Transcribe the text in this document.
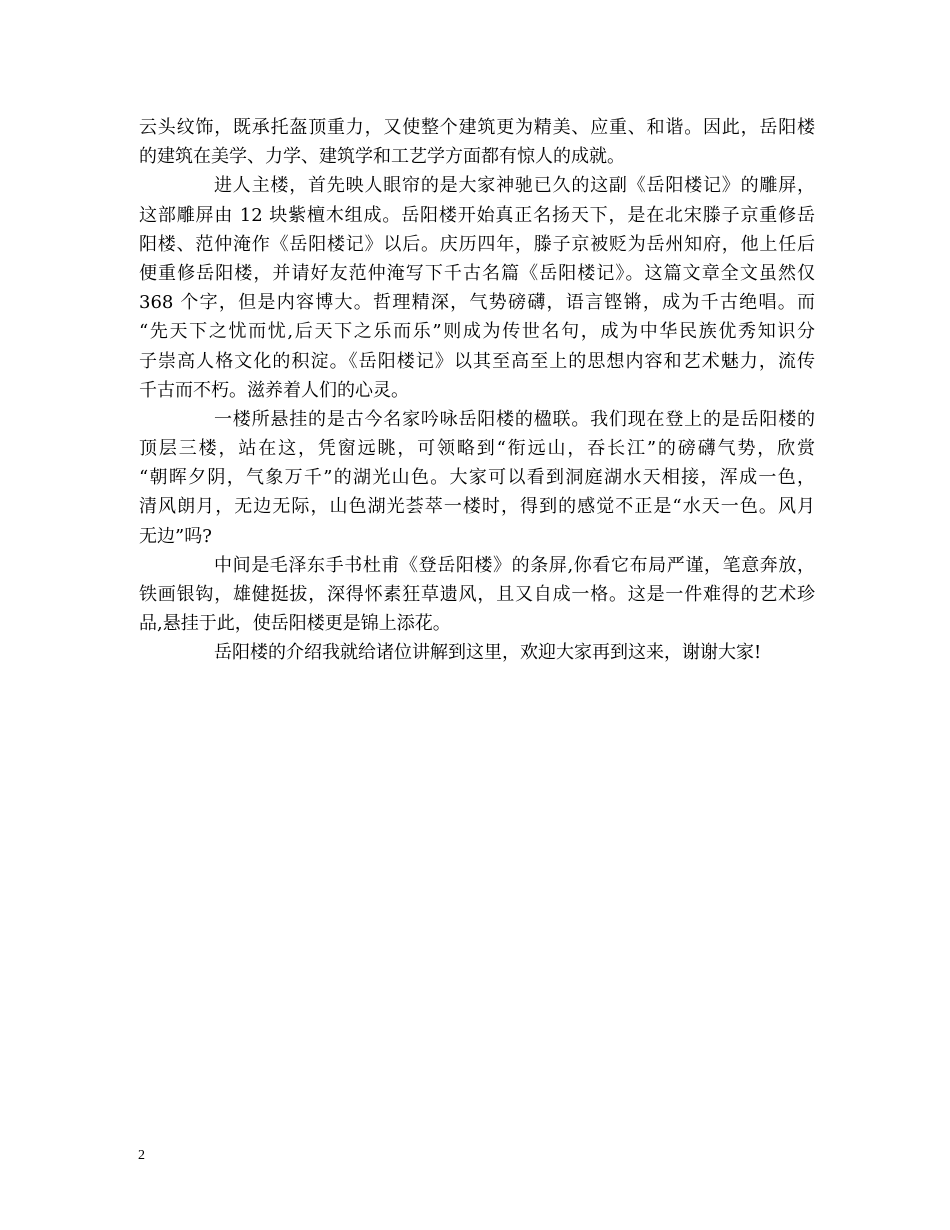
云头纹饰，既承托盔顶重力，又使整个建筑更为精美、应重、和谐。因此，岳阳楼
的建筑在美学、力学、建筑学和工艺学方面都有惊人的成就。
进人主楼，首先映人眼帘的是大家神驰已久的这副《岳阳楼记》的雕屏，
这部雕屏由 12 块紫檀木组成。岳阳楼开始真正名扬天下，是在北宋滕子京重修岳
阳楼、范仲淹作《岳阳楼记》以后。庆历四年，滕子京被贬为岳州知府，他上任后
便重修岳阳楼，并请好友范仲淹写下千古名篇《岳阳楼记》。这篇文章全文虽然仅
368 个字，但是内容博大。哲理精深，气势磅礴，语言铿锵，成为千古绝唱。而
“先天下之忧而忧,后天下之乐而乐”则成为传世名句，成为中华民族优秀知识分
子崇高人格文化的积淀。《岳阳楼记》以其至高至上的思想内容和艺术魅力，流传
千古而不朽。滋养着人们的心灵。
一楼所悬挂的是古今名家吟咏岳阳楼的楹联。我们现在登上的是岳阳楼的
顶层三楼，站在这，凭窗远眺，可领略到“衔远山，吞长江”的磅礴气势，欣赏
“朝晖夕阴，气象万千”的湖光山色。大家可以看到洞庭湖水天相接，浑成一色，
清风朗月，无边无际，山色湖光荟萃一楼时，得到的感觉不正是“水天一色。风月
无边”吗?
中间是毛泽东手书杜甫《登岳阳楼》的条屏,你看它布局严谨，笔意奔放，
铁画银钩，雄健挺拔，深得怀素狂草遗风，且又自成一格。这是一件难得的艺术珍
品,悬挂于此，使岳阳楼更是锦上添花。
岳阳楼的介绍我就给诸位讲解到这里，欢迎大家再到这来，谢谢大家!
2
